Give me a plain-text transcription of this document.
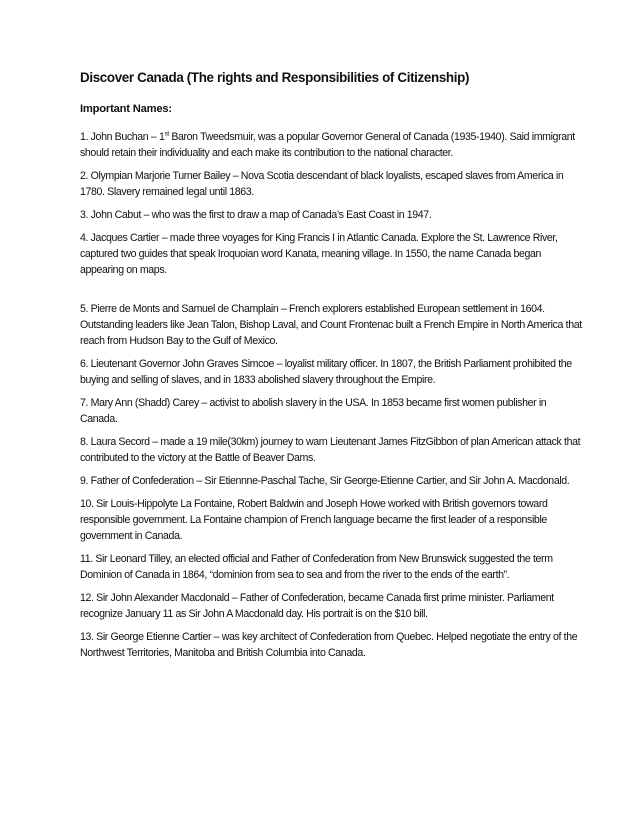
Discover Canada (The rights and Responsibilities of Citizenship)
Important Names:

1. John Buchan – 1st Baron Tweedsmuir, was a popular Governor General of Canada (1935-1940). Said immigrant should retain their individuality and each make its contribution to the national character.

2. Olympian Marjorie Turner Bailey – Nova Scotia descendant of black loyalists, escaped slaves from America in 1780. Slavery remained legal until 1863.

3. John Cabut – who was the first to draw a map of Canada’s East Coast in 1947.

4. Jacques Cartier – made three voyages for King Francis I in Atlantic Canada. Explore the St. Lawrence River, captured two guides that speak Iroquoian word Kanata, meaning village. In 1550, the name Canada began appearing on maps.

5. Pierre de Monts and Samuel de Champlain – French explorers established European settlement in 1604. Outstanding leaders like Jean Talon, Bishop Laval, and Count Frontenac built a French Empire in North America that reach from Hudson Bay to the Gulf of Mexico.

6. Lieutenant Governor John Graves Simcoe – loyalist military officer. In 1807, the British Parliament prohibited the buying and selling of slaves, and in 1833 abolished slavery throughout the Empire.

7. Mary Ann (Shadd) Carey – activist to abolish slavery in the USA. In 1853 became first women publisher in Canada.

8. Laura Secord – made a 19 mile(30km) journey to warn Lieutenant James FitzGibbon of plan American attack that contributed to the victory at the Battle of Beaver Dams.

9. Father of Confederation – Sir Etiennne-Paschal Tache, Sir George-Etienne Cartier, and Sir John A. Macdonald.

10. Sir Louis-Hippolyte La Fontaine, Robert Baldwin and Joseph Howe worked with British governors toward responsible government. La Fontaine champion of French language became the first leader of a responsible government in Canada.

11. Sir Leonard Tilley, an elected official and Father of Confederation from New Brunswick suggested the term Dominion of Canada in 1864, “dominion from sea to sea and from the river to the ends of the earth”.

12. Sir John Alexander Macdonald – Father of Confederation, became Canada first prime minister. Parliament recognize January 11 as Sir John A Macdonald day. His portrait is on the $10 bill.

13. Sir George Etienne Cartier – was key architect of Confederation from Quebec. Helped negotiate the entry of the Northwest Territories, Manitoba and British Columbia into Canada.
